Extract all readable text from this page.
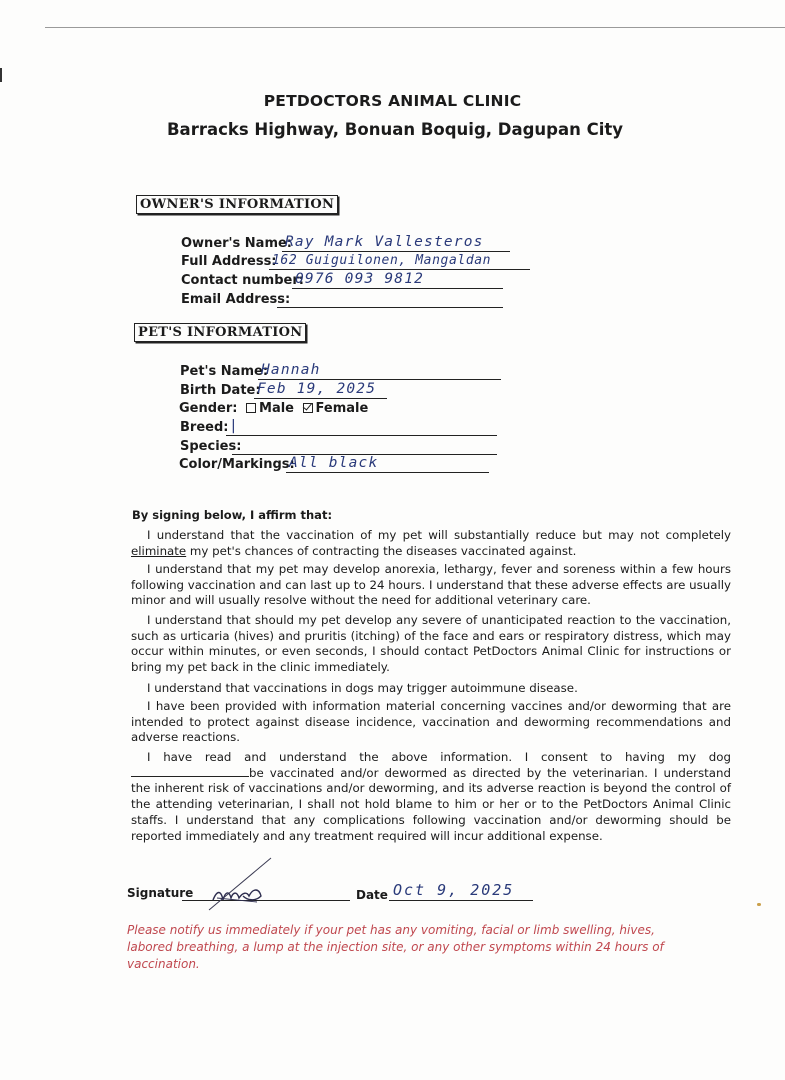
PETDOCTORS ANIMAL CLINIC
Barracks Highway, Bonuan Boquig, Dagupan City
OWNER'S INFORMATION
Owner's Name:
Ray Mark Vallesteros
Full Address:
162 Guiguilonen, Mangaldan
Contact number:
0976 093 9812
Email Address:
PET'S INFORMATION
Pet's Name:
Hannah
Birth Date:
Feb 19, 2025
Gender: Male Female
Breed: |
Species:
Color/Markings:
All black
By signing below, I affirm that:

I understand that the vaccination of my pet will substantially reduce but may not completely eliminate my pet's chances of contracting the diseases vaccinated against.

I understand that my pet may develop anorexia, lethargy, fever and soreness within a few hours following vaccination and can last up to 24 hours. I understand that these adverse effects are usually minor and will usually resolve without the need for additional veterinary care.

I understand that should my pet develop any severe of unanticipated reaction to the vaccination, such as urticaria (hives) and pruritis (itching) of the face and ears or respiratory distress, which may occur within minutes, or even seconds, I should contact PetDoctors Animal Clinic for instructions or bring my pet back in the clinic immediately.

I understand that vaccinations in dogs may trigger autoimmune disease.

I have been provided with information material concerning vaccines and/or deworming that are intended to protect against disease incidence, vaccination and deworming recommendations and adverse reactions.

I have read and understand the above information. I consent to having my dog be vaccinated and/or dewormed as directed by the veterinarian. I understand the inherent risk of vaccinations and/or deworming, and its adverse reaction is beyond the control of the attending veterinarian, I shall not hold blame to him or her or to the PetDoctors Animal Clinic staffs. I understand that any complications following vaccination and/or deworming should be reported immediately and any treatment required will incur additional expense.

Signature	Date Oct 9, 2025
Please notify us immediately if your pet has any vomiting, facial or limb swelling, hives, labored breathing, a lump at the injection site, or any other symptoms within 24 hours of vaccination.
